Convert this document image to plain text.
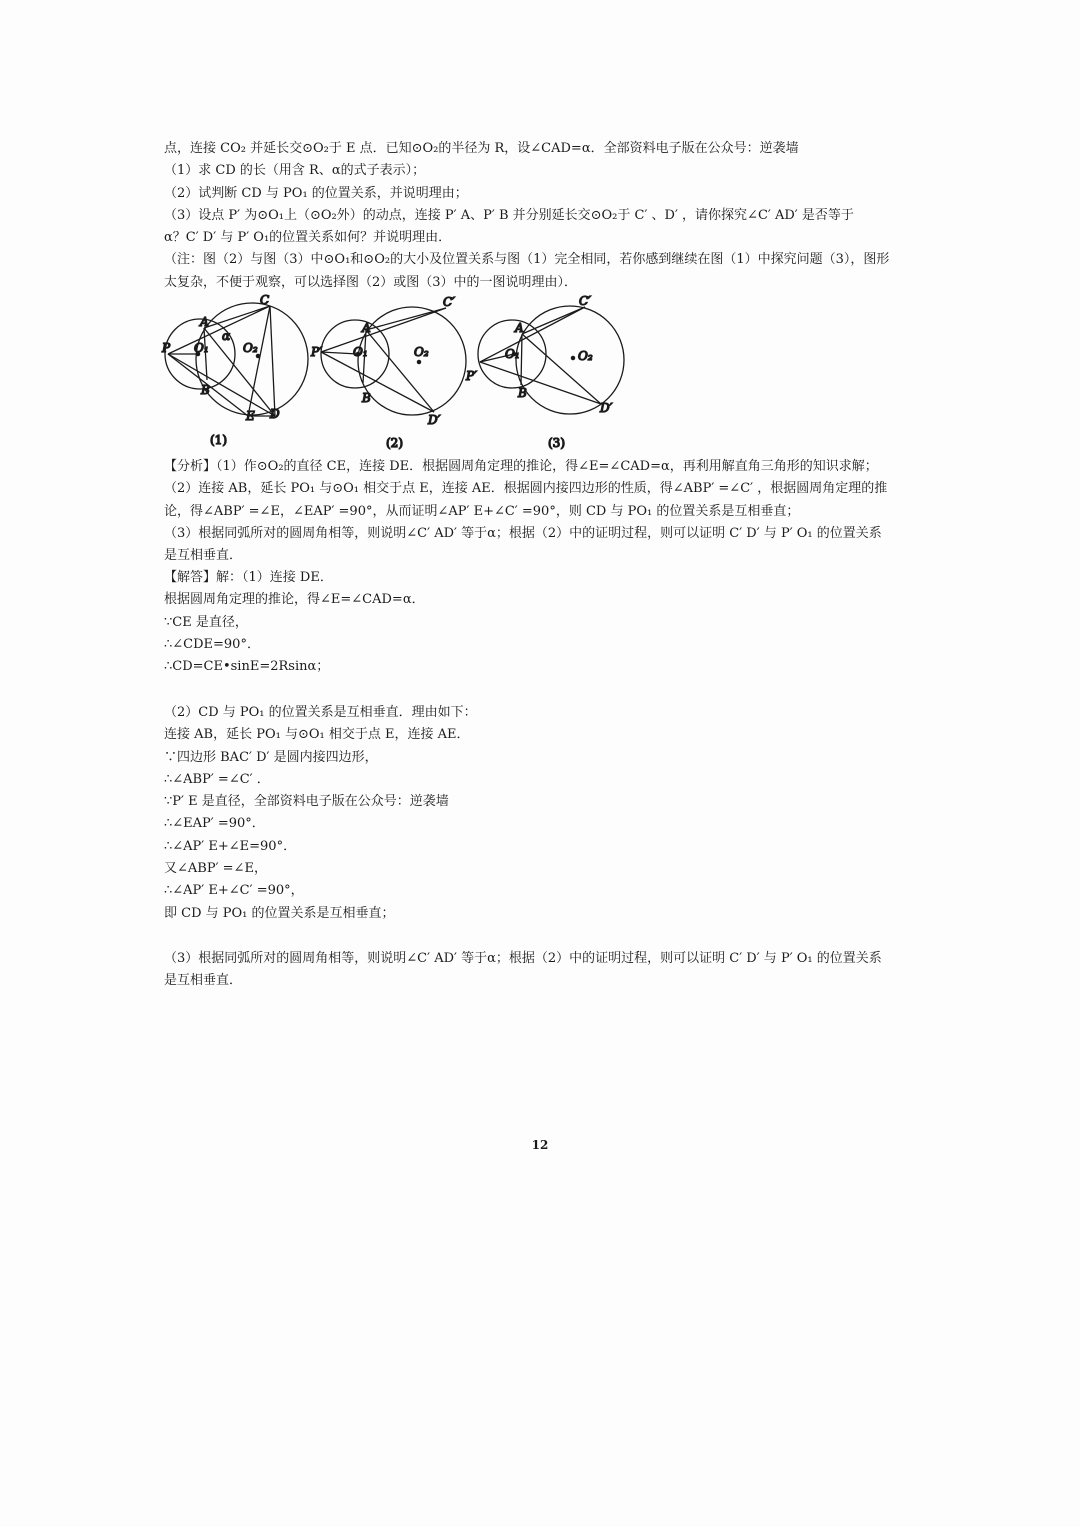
点，连接 CO₂ 并延长交⊙O₂于 E 点．已知⊙O₂的半径为 R，设∠CAD=α．全部资料电子版在公众号：逆袭墙
（1）求 CD 的长（用含 R、α的式子表示）；
（2）试判断 CD 与 PO₁ 的位置关系，并说明理由；
（3）设点 P′ 为⊙O₁上（⊙O₂外）的动点，连接 P′ A、P′ B 并分别延长交⊙O₂于 C′ 、D′ ，请你探究∠C′ AD′ 是否等于
α？C′ D′ 与 P′ O₁的位置关系如何？并说明理由．
（注：图（2）与图（3）中⊙O₁和⊙O₂的大小及位置关系与图（1）完全相同，若你感到继续在图（1）中探究问题（3），图形
太复杂，不便于观察，可以选择图（2）或图（3）中的一图说明理由）．
P O₁
A
B
α
O₂
C
E D
(1)
P′
A
B
O₁	O₂
C′
D′
(2)
P′
A
B
O₁	O₂
C′
D′
(3)
【分析】（1）作⊙O₂的直径 CE，连接 DE．根据圆周角定理的推论，得∠E=∠CAD=α，再利用解直角三角形的知识求解；
（2）连接 AB，延长 PO₁ 与⊙O₁ 相交于点 E，连接 AE．根据圆内接四边形的性质，得∠ABP′ =∠C′ ，根据圆周角定理的推
论，得∠ABP′ =∠E，∠EAP′ =90°，从而证明∠AP′ E+∠C′ =90°，则 CD 与 PO₁ 的位置关系是互相垂直；
（3）根据同弧所对的圆周角相等，则说明∠C′ AD′ 等于α；根据（2）中的证明过程，则可以证明 C′ D′ 与 P′ O₁ 的位置关系
是互相垂直．
【解答】解：（1）连接 DE．
根据圆周角定理的推论，得∠E=∠CAD=α．
∵CE 是直径，
∴∠CDE=90°．
∴CD=CE•sinE=2Rsinα；
（2）CD 与 PO₁ 的位置关系是互相垂直．理由如下：
连接 AB，延长 PO₁ 与⊙O₁ 相交于点 E，连接 AE．
∵四边形 BAC′ D′ 是圆内接四边形，
∴∠ABP′ =∠C′ ．
∵P′ E 是直径，全部资料电子版在公众号：逆袭墙
∴∠EAP′ =90°．
∴∠AP′ E+∠E=90°．
又∠ABP′ =∠E，
∴∠AP′ E+∠C′ =90°，
即 CD 与 PO₁ 的位置关系是互相垂直；
（3）根据同弧所对的圆周角相等，则说明∠C′ AD′ 等于α；根据（2）中的证明过程，则可以证明 C′ D′ 与 P′ O₁ 的位置关系
是互相垂直．
12
